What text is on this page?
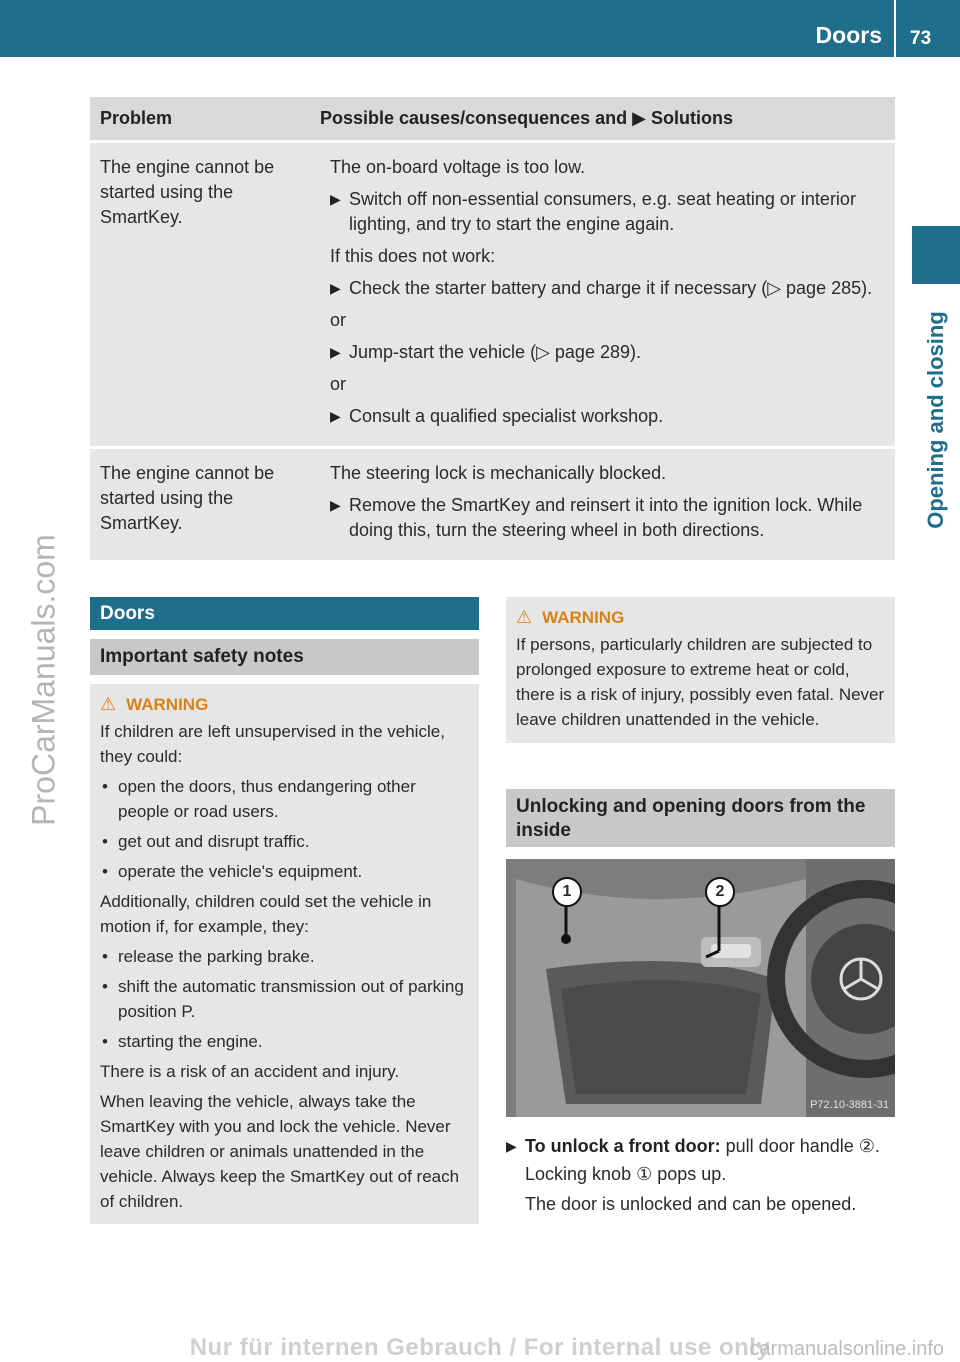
Doors 73
Opening and closing
ProCarManuals.com
Problem	Possible causes/consequences and ▶ Solutions
The engine cannot be started using the SmartKey.
The on-board voltage is too low.
▶ Switch off non-essential consumers, e.g. seat heating or interior lighting, and try to start the engine again.
If this does not work:
▶ Check the starter battery and charge it if necessary (▷ page 285).
or
▶ Jump-start the vehicle (▷ page 289).
or
▶ Consult a qualified specialist workshop.
The engine cannot be started using the SmartKey.
The steering lock is mechanically blocked.
▶ Remove the SmartKey and reinsert it into the ignition lock. While doing this, turn the steering wheel in both directions.
Doors
Important safety notes
⚠ WARNING
If children are left unsupervised in the vehicle, they could:
• open the doors, thus endangering other people or road users.
• get out and disrupt traffic.
• operate the vehicle's equipment.
Additionally, children could set the vehicle in motion if, for example, they:
• release the parking brake.
• shift the automatic transmission out of parking position P.
• starting the engine.
There is a risk of an accident and injury.
When leaving the vehicle, always take the SmartKey with you and lock the vehicle. Never leave children or animals unattended in the vehicle. Always keep the SmartKey out of reach of children.
⚠ WARNING
If persons, particularly children are subjected to prolonged exposure to extreme heat or cold, there is a risk of injury, possibly even fatal. Never leave children unattended in the vehicle.
Unlocking and opening doors from the inside
1	2
P72.10-3881-31
▶ To unlock a front door: pull door handle ②.
Locking knob ① pops up.
The door is unlocked and can be opened.
Nur für internen Gebrauch / For internal use only
carmanualsonline.info
